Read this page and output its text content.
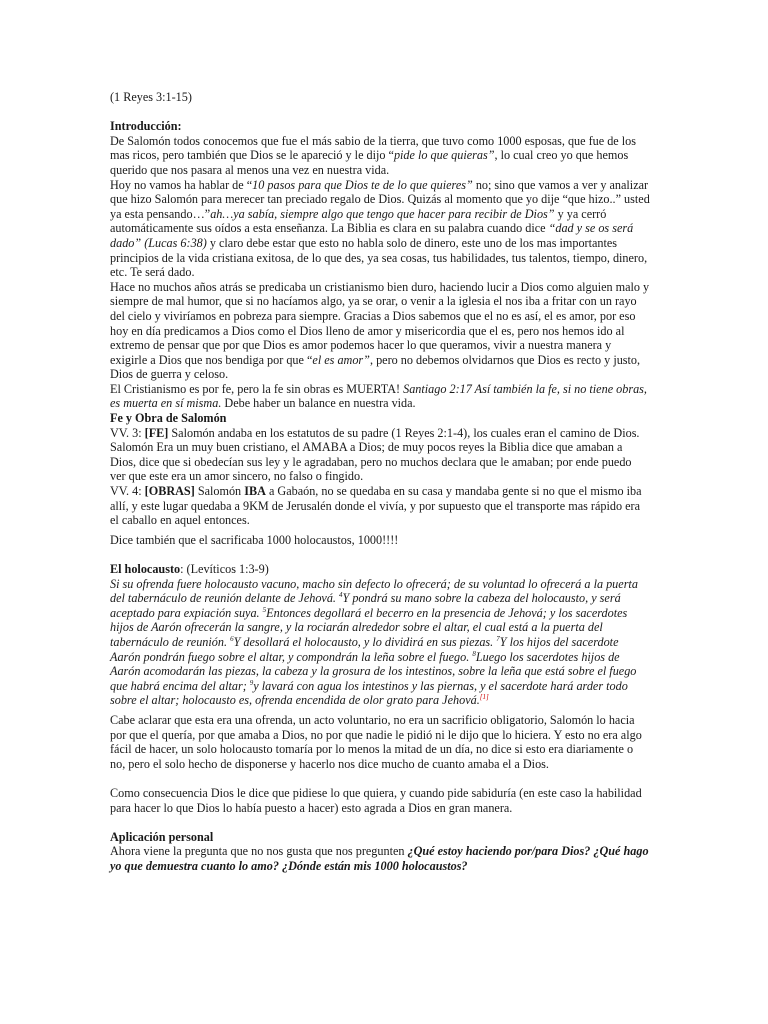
(1 Reyes 3:1-15)

Introducción:

De Salomón todos conocemos que fue el más sabio de la tierra, que tuvo como 1000 esposas, que fue de los mas ricos, pero también que Dios se le apareció y le dijo “pide lo que quieras”, lo cual creo yo que hemos querido que nos pasara al menos una vez en nuestra vida.

Hoy no vamos ha hablar de “10 pasos para que Dios te de lo que quieres” no; sino que vamos a ver y analizar que hizo Salomón para merecer tan preciado regalo de Dios. Quizás al momento que yo dije “que hizo..” usted ya esta pensando…”ah…ya sabía, siempre algo que tengo que hacer para recibir de Dios” y ya cerró automáticamente sus oídos a esta enseñanza. La Biblia es clara en su palabra cuando dice “dad y se os será dado” (Lucas 6:38) y claro debe estar que esto no habla solo de dinero, este uno de los mas importantes principios de la vida cristiana exitosa, de lo que des, ya sea cosas, tus habilidades, tus talentos, tiempo, dinero, etc. Te será dado.

Hace no muchos años atrás se predicaba un cristianismo bien duro, haciendo lucir a Dios como alguien malo y siempre de mal humor, que si no hacíamos algo, ya se orar, o venir a la iglesia el nos iba a fritar con un rayo del cielo y viviríamos en pobreza para siempre. Gracias a Dios sabemos que el no es así, el es amor, por eso hoy en día predicamos a Dios como el Dios lleno de amor y misericordia que el es, pero nos hemos ido al extremo de pensar que por que Dios es amor podemos hacer lo que queramos, vivir a nuestra manera y exigirle a Dios que nos bendiga por que “el es amor”, pero no debemos olvidarnos que Dios es recto y justo, Dios de guerra y celoso.

El Cristianismo es por fe, pero la fe sin obras es MUERTA! Santiago 2:17 Así también la fe, si no tiene obras, es muerta en sí misma. Debe haber un balance en nuestra vida.

Fe y Obra de Salomón

VV. 3: [FE] Salomón andaba en los estatutos de su padre (1 Reyes 2:1-4), los cuales eran el camino de Dios. Salomón Era un muy buen cristiano, el AMABA a Dios; de muy pocos reyes la Biblia dice que amaban a Dios, dice que si obedecían sus ley y le agradaban, pero no muchos declara que le amaban; por ende puedo ver que este era un amor sincero, no falso o fingido.

VV. 4: [OBRAS] Salomón IBA a Gabaón, no se quedaba en su casa y mandaba gente si no que el mismo iba allí, y este lugar quedaba a 9KM de Jerusalén donde el vivía, y por supuesto que el transporte mas rápido era el caballo en aquel entonces.

Dice también que el sacrificaba 1000 holocaustos, 1000!!!!

El holocausto: (Levíticos 1:3-9)

Si su ofrenda fuere holocausto vacuno, macho sin defecto lo ofrecerá; de su voluntad lo ofrecerá a la puerta del tabernáculo de reunión delante de Jehová. $^4$Y pondrá su mano sobre la cabeza del holocausto, y será aceptado para expiación suya. $^5$Entonces degollará el becerro en la presencia de Jehová; y los sacerdotes hijos de Aarón ofrecerán la sangre, y la rociarán alrededor sobre el altar, el cual está a la puerta del tabernáculo de reunión. $^6$Y desollará el holocausto, y lo dividirá en sus piezas. $^7$Y los hijos del sacerdote Aarón pondrán fuego sobre el altar, y compondrán la leña sobre el fuego. $^8$Luego los sacerdotes hijos de Aarón acomodarán las piezas, la cabeza y la grosura de los intestinos, sobre la leña que está sobre el fuego que habrá encima del altar; $^9$y lavará con agua los intestinos y las piernas, y el sacerdote hará arder todo sobre el altar; holocausto es, ofrenda encendida de olor grato para Jehová.[1]

Cabe aclarar que esta era una ofrenda, un acto voluntario, no era un sacrificio obligatorio, Salomón lo hacia por que el quería, por que amaba a Dios, no por que nadie le pidió ni le dijo que lo hiciera. Y esto no era algo fácil de hacer, un solo holocausto tomaría por lo menos la mitad de un día, no dice si esto era diariamente o no, pero el solo hecho de disponerse y hacerlo nos dice mucho de cuanto amaba el a Dios.

Como consecuencia Dios le dice que pidiese lo que quiera, y cuando pide sabiduría (en este caso la habilidad para hacer lo que Dios lo había puesto a hacer) esto agrada a Dios en gran manera.

Aplicación personal

Ahora viene la pregunta que no nos gusta que nos pregunten ¿Qué estoy haciendo por/para Dios? ¿Qué hago yo que demuestra cuanto lo amo? ¿Dónde están mis 1000 holocaustos?
